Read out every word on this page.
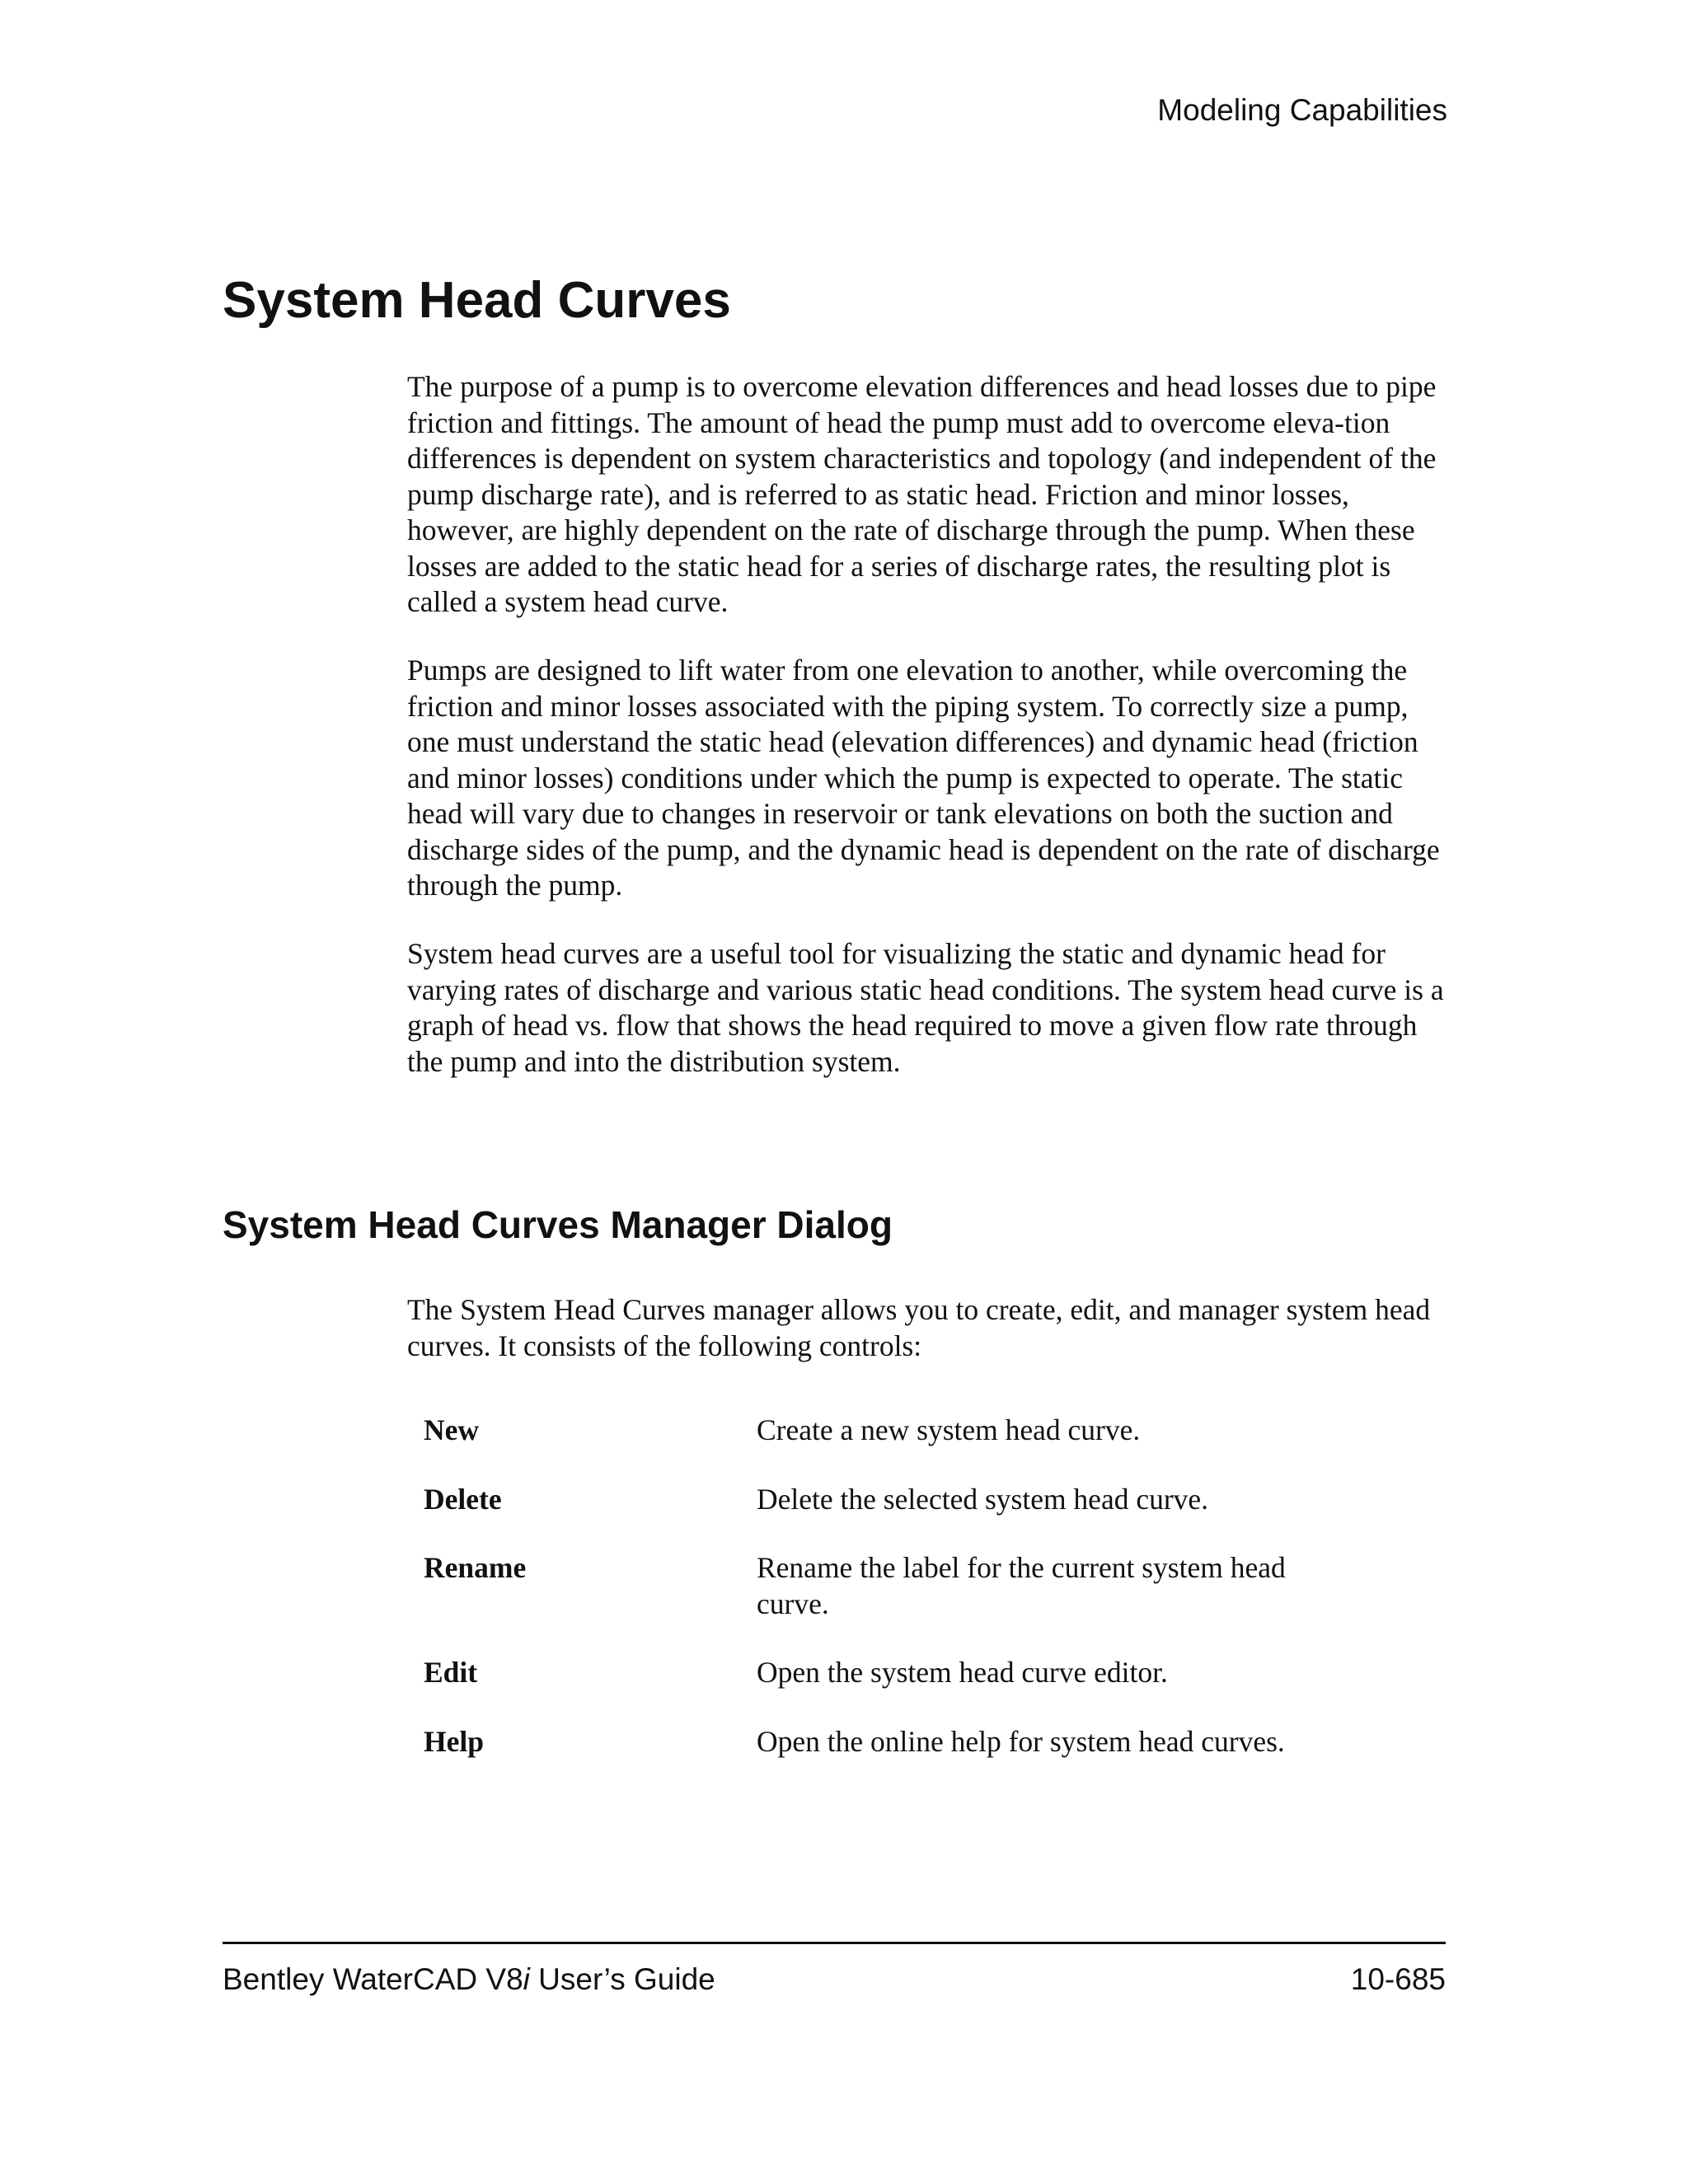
Modeling Capabilities
System Head Curves

The purpose of a pump is to overcome elevation differences and head losses due to pipe friction and fittings. The amount of head the pump must add to overcome eleva-tion differences is dependent on system characteristics and topology (and independent of the pump discharge rate), and is referred to as static head. Friction and minor losses, however, are highly dependent on the rate of discharge through the pump. When these losses are added to the static head for a series of discharge rates, the resulting plot is called a system head curve.

Pumps are designed to lift water from one elevation to another, while overcoming the friction and minor losses associated with the piping system. To correctly size a pump, one must understand the static head (elevation differences) and dynamic head (friction and minor losses) conditions under which the pump is expected to operate. The static head will vary due to changes in reservoir or tank elevations on both the suction and discharge sides of the pump, and the dynamic head is dependent on the rate of discharge through the pump.

System head curves are a useful tool for visualizing the static and dynamic head for varying rates of discharge and various static head conditions. The system head curve is a graph of head vs. flow that shows the head required to move a given flow rate through the pump and into the distribution system.

System Head Curves Manager Dialog

The System Head Curves manager allows you to create, edit, and manager system head curves. It consists of the following controls:

New	Create a new system head curve.
Delete	Delete the selected system head curve.
Rename	Rename the label for the current system head curve.
Edit	Open the system head curve editor.
Help	Open the online help for system head curves.
Bentley WaterCAD V8i User’s Guide	10-685
